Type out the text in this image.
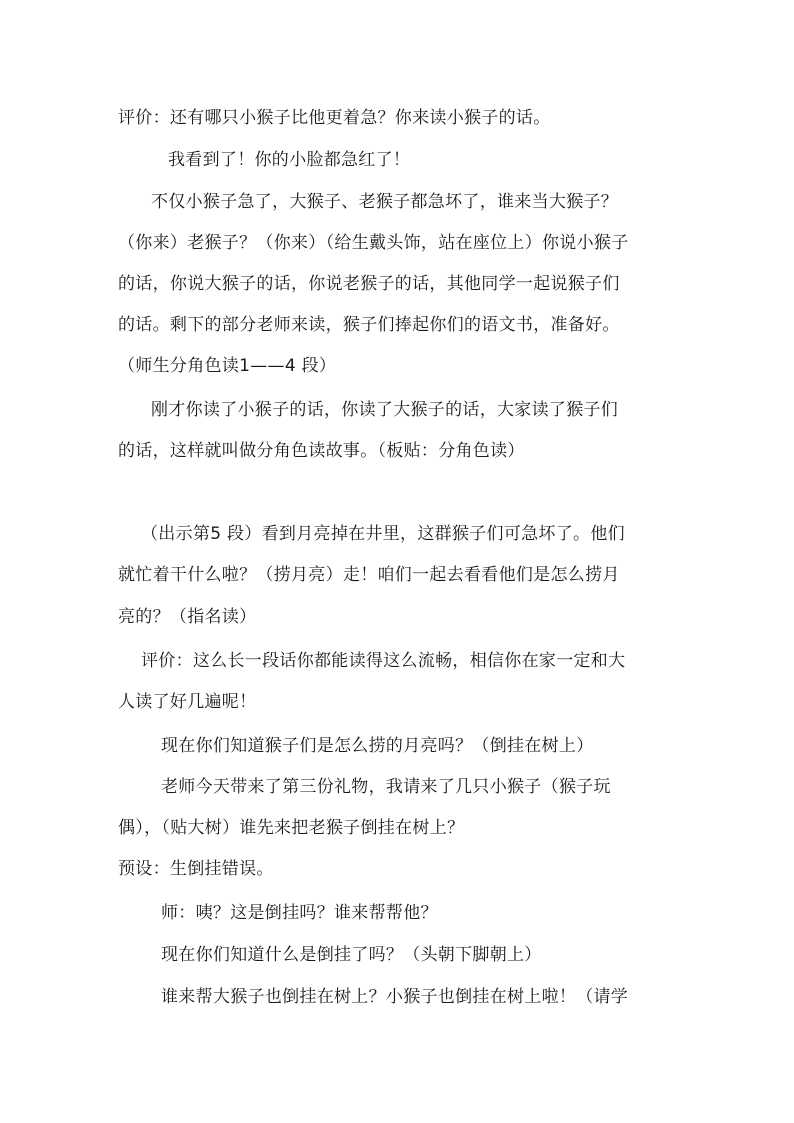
评价：还有哪只小猴子比他更着急？你来读小猴子的话。
我看到了！你的小脸都急红了！
不仅小猴子急了，大猴子、老猴子都急坏了，谁来当大猴子？
（你来）老猴子？（你来）（给生戴头饰，站在座位上）你说小猴子
的话，你说大猴子的话，你说老猴子的话，其他同学一起说猴子们
的话。剩下的部分老师来读，猴子们捧起你们的语文书，准备好。
（师生分角色读1——4 段）
刚才你读了小猴子的话，你读了大猴子的话，大家读了猴子们
的话，这样就叫做分角色读故事。（板贴：分角色读）
（出示第5 段）看到月亮掉在井里，这群猴子们可急坏了。他们
就忙着干什么啦？（捞月亮）走！咱们一起去看看他们是怎么捞月
亮的？（指名读）
评价：这么长一段话你都能读得这么流畅，相信你在家一定和大
人读了好几遍呢！
现在你们知道猴子们是怎么捞的月亮吗？（倒挂在树上）
老师今天带来了第三份礼物，我请来了几只小猴子（猴子玩
偶），（贴大树）谁先来把老猴子倒挂在树上？
预设：生倒挂错误。
师：咦？这是倒挂吗？谁来帮帮他？
现在你们知道什么是倒挂了吗？（头朝下脚朝上）
谁来帮大猴子也倒挂在树上？小猴子也倒挂在树上啦！（请学
